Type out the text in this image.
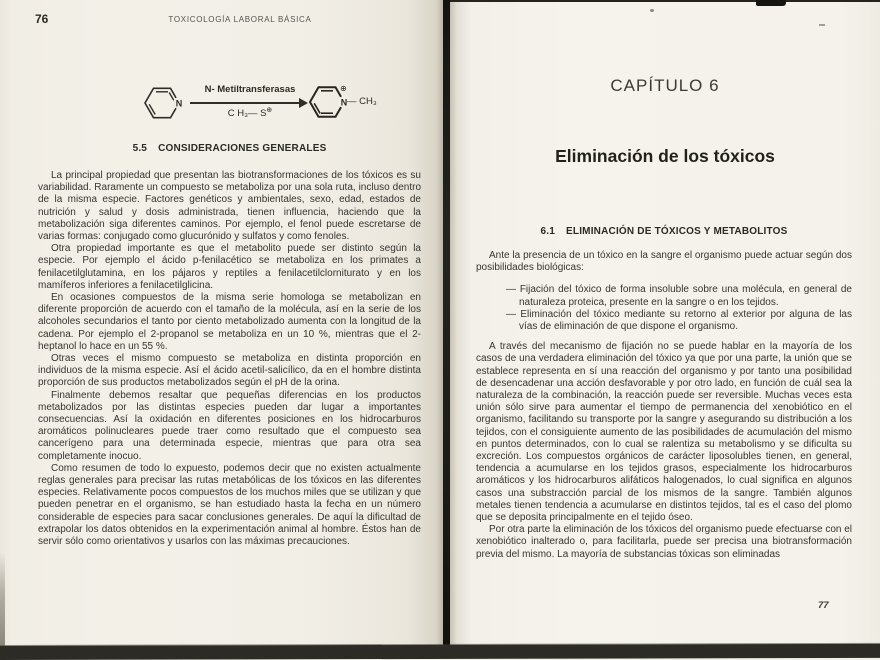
76	TOXICOLOGÍA LABORAL BÁSICA
N
N- Metiltransferasas
C H₃— S⊕
N
⊕
— CH₃
5.5 CONSIDERACIONES GENERALES

La principal propiedad que presentan las biotransformaciones de los tóxicos es su variabilidad. Raramente un compuesto se metaboliza por una sola ruta, incluso dentro de la misma especie. Factores genéticos y ambientales, sexo, edad, estados de nutrición y salud y dosis administrada, tienen influencia, haciendo que la metabolización siga diferentes caminos. Por ejemplo, el fenol puede escretarse de varias formas: conjugado como glucurónido y sulfatos y como fenoles.

Otra propiedad importante es que el metabolito puede ser distinto según la especie. Por ejemplo el ácido p-fenilacético se metaboliza en los primates a fenilacetilglutamina, en los pájaros y reptiles a fenilacetilclorniturato y en los mamíferos inferiores a fenilacetilglicina.

En ocasiones compuestos de la misma serie homologa se metabolizan en diferente proporción de acuerdo con el tamaño de la molécula, así en la serie de los alcoholes secundarios el tanto por ciento metabolizado aumenta con la longitud de la cadena. Por ejemplo el 2-propanol se metaboliza en un 10 %, mientras que el 2-heptanol lo hace en un 55 %.

Otras veces el mismo compuesto se metaboliza en distinta proporción en individuos de la misma especie. Así el ácido acetil-salicílico, da en el hombre distinta proporción de sus productos metabolizados según el pH de la orina.

Finalmente debemos resaltar que pequeñas diferencias en los productos metabolizados por las distintas especies pueden dar lugar a importantes consecuencias. Así la oxidación en diferentes posiciones en los hidrocarburos aromáticos polinucleares puede traer como resultado que el compuesto sea cancerígeno para una determinada especie, mientras que para otra sea completamente inocuo.

Como resumen de todo lo expuesto, podemos decir que no existen actualmente reglas generales para precisar las rutas metabólicas de los tóxicos en las diferentes especies. Relativamente pocos compuestos de los muchos miles que se utilizan y que pueden penetrar en el organismo, se han estudiado hasta la fecha en un número considerable de especies para sacar conclusiones generales. De aquí la dificultad de extrapolar los datos obtenidos en la experimentación animal al hombre. Éstos han de servir sólo como orientativos y usarlos con las máximas precauciones.

CAPÍTULO 6
Eliminación de los tóxicos
6.1 ELIMINACIÓN DE TÓXICOS Y METABOLITOS

Ante la presencia de un tóxico en la sangre el organismo puede actuar según dos posibilidades biológicas:

— Fijación del tóxico de forma insoluble sobre una molécula, en general de naturaleza proteica, presente en la sangre o en los tejidos.

— Eliminación del tóxico mediante su retorno al exterior por alguna de las vías de eliminación de que dispone el organismo.

A través del mecanismo de fijación no se puede hablar en la mayoría de los casos de una verdadera eliminación del tóxico ya que por una parte, la unión que se establece representa en sí una reacción del organismo y por tanto una posibilidad de desencadenar una acción desfavorable y por otro lado, en función de cuál sea la naturaleza de la combinación, la reacción puede ser reversible. Muchas veces esta unión sólo sirve para aumentar el tiempo de permanencia del xenobiótico en el organismo, facilitando su transporte por la sangre y asegurando su distribución a los tejidos, con el consiguiente aumento de las posibilidades de acumulación del mismo en puntos determinados, con lo cual se ralentiza su metabolismo y se dificulta su excreción. Los compuestos orgánicos de carácter liposolubles tienen, en general, tendencia a acumularse en los tejidos grasos, especialmente los hidrocarburos aromáticos y los hidrocarburos alifáticos halogenados, lo cual significa en algunos casos una substracción parcial de los mismos de la sangre. También algunos metales tienen tendencia a acumularse en distintos tejidos, tal es el caso del plomo que se deposita principalmente en el tejido óseo.

Por otra parte la eliminación de los tóxicos del organismo puede efectuarse con el xenobiótico inalterado o, para facilitarla, puede ser precisa una biotransformación previa del mismo. La mayoría de substancias tóxicas son eliminadas

77
